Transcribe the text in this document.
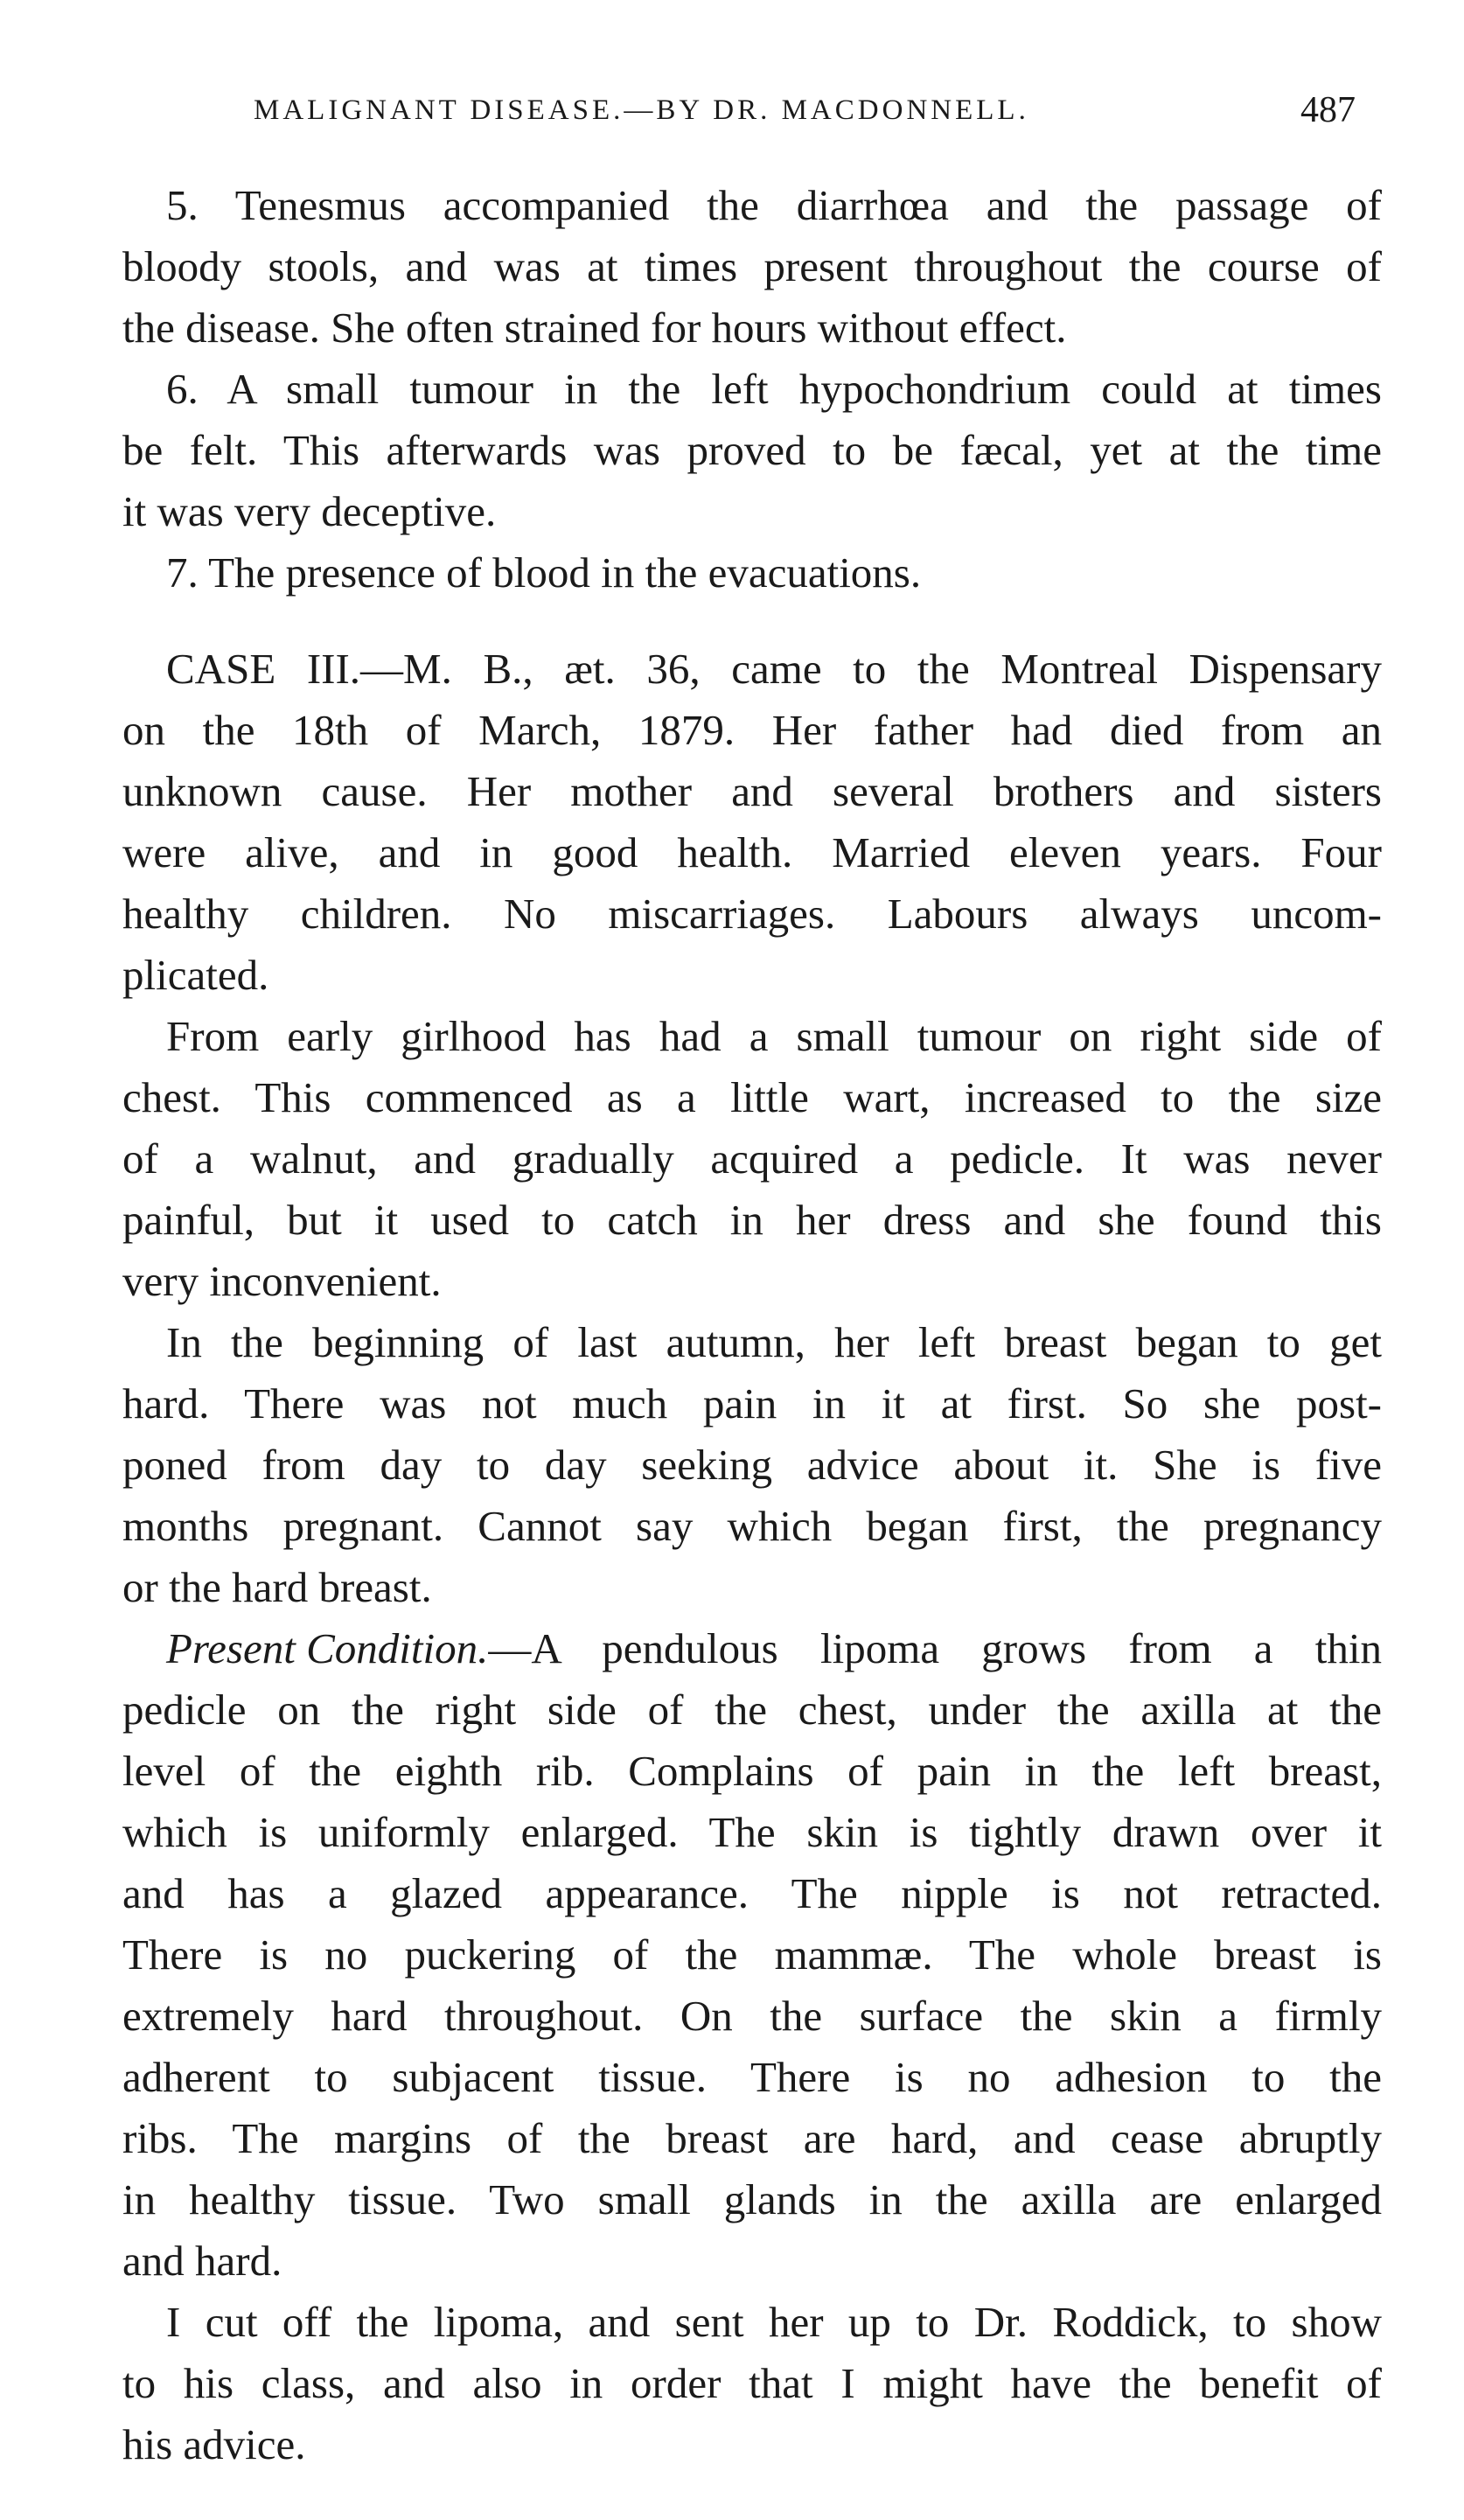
MALIGNANT DISEASE.—BY DR. MACDONNELL.	487
5. Tenesmus accompanied the diarrhœa and the passage of
bloody stools, and was at times present throughout the course of
the disease. She often strained for hours without effect.
6. A small tumour in the left hypochondrium could at times
be felt. This afterwards was proved to be fæcal, yet at the time
it was very deceptive.
7. The presence of blood in the evacuations.
CASE III.—M. B., æt. 36, came to the Montreal Dispensary
on the 18th of March, 1879. Her father had died from an
unknown cause. Her mother and several brothers and sisters
were alive, and in good health. Married eleven years. Four
healthy children. No miscarriages. Labours always uncom-
plicated.
From early girlhood has had a small tumour on right side of
chest. This commenced as a little wart, increased to the size
of a walnut, and gradually acquired a pedicle. It was never
painful, but it used to catch in her dress and she found this
very inconvenient.
In the beginning of last autumn, her left breast began to get
hard. There was not much pain in it at first. So she post-
poned from day to day seeking advice about it. She is five
months pregnant. Cannot say which began first, the pregnancy
or the hard breast.
Present Condition. —A pendulous lipoma grows from a thin
pedicle on the right side of the chest, under the axilla at the
level of the eighth rib. Complains of pain in the left breast,
which is uniformly enlarged. The skin is tightly drawn over it
and has a glazed appearance. The nipple is not retracted.
There is no puckering of the mammæ. The whole breast is
extremely hard throughout. On the surface the skin a firmly
adherent to subjacent tissue. There is no adhesion to the
ribs. The margins of the breast are hard, and cease abruptly
in healthy tissue. Two small glands in the axilla are enlarged
and hard.
I cut off the lipoma, and sent her up to Dr. Roddick, to show
to his class, and also in order that I might have the benefit of
his advice.
